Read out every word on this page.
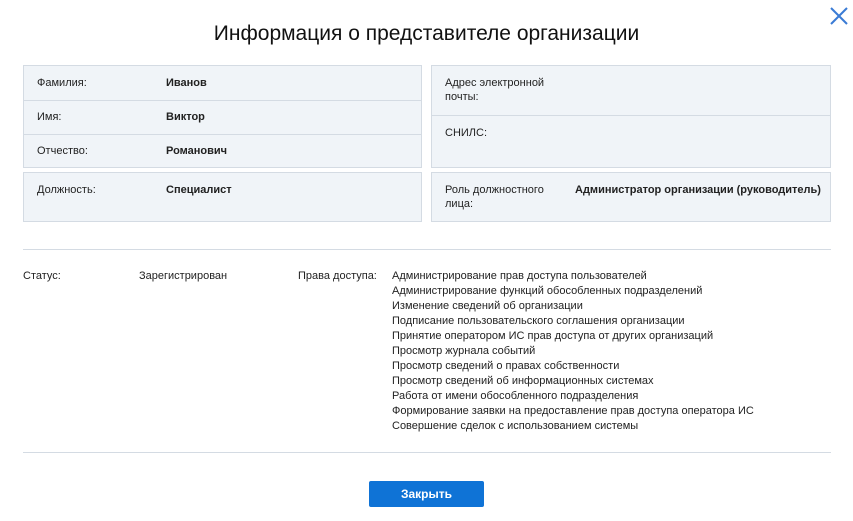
Информация о представителе организации
Фамилия:	Иванов
Имя:	Виктор
Отчество:	Романович
Адрес электронной
почты:
СНИЛС:
Должность:	Специалист	Роль должностного
лица:
Администратор организации (руководитель)
Статус:	Зарегистрирован	Права доступа: Администрирование прав доступа пользователей
Администрирование функций обособленных подразделений
Изменение сведений об организации
Подписание пользовательского соглашения организации
Принятие оператором ИС прав доступа от других организаций
Просмотр журнала событий
Просмотр сведений о правах собственности
Просмотр сведений об информационных системах
Работа от имени обособленного подразделения
Формирование заявки на предоставление прав доступа оператора ИС
Совершение сделок с использованием системы
Закрыть
